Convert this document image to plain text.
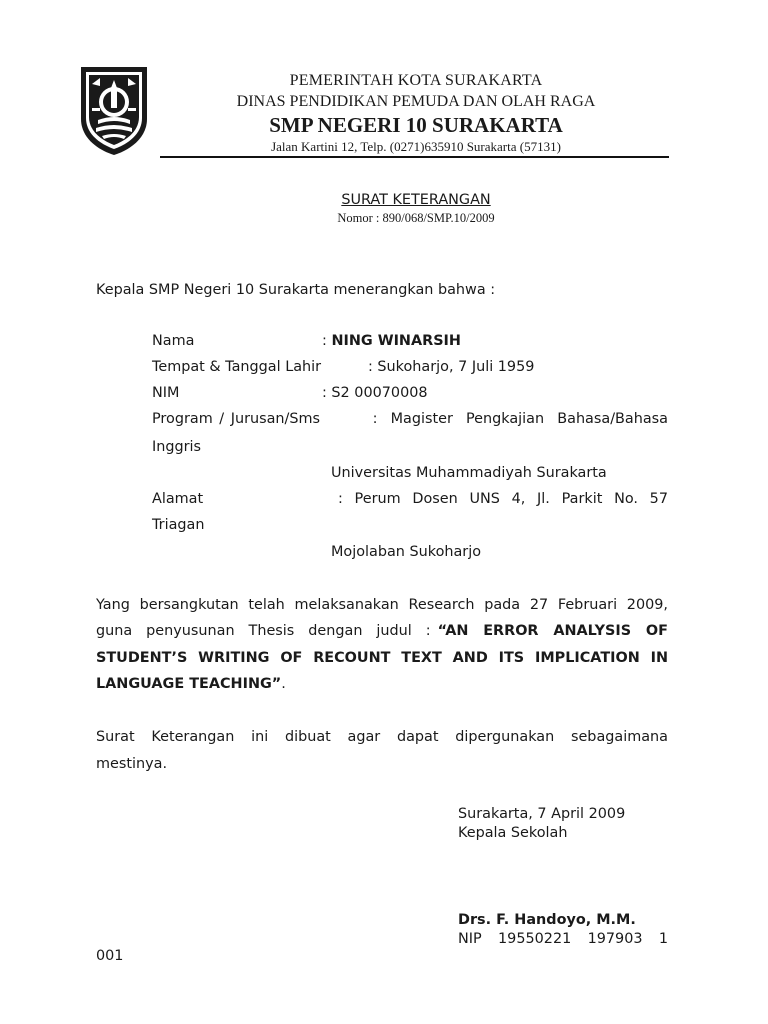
PEMERINTAH KOTA SURAKARTA
DINAS PENDIDIKAN PEMUDA DAN OLAH RAGA
SMP NEGERI 10 SURAKARTA
Jalan Kartini 12, Telp. (0271)635910 Surakarta (57131)
SURAT KETERANGAN
Nomor : 890/068/SMP.10/2009
Kepala SMP Negeri 10 Surakarta menerangkan bahwa :
Nama	: NING WINARSIH
Tempat & Tanggal Lahir	: Sukoharjo, 7 Juli 1959
NIM	: S2 00070008
Program / Jurusan/Sms        :  Magister  Pengkajian  Bahasa/Bahasa
Inggris
Universitas Muhammadiyah Surakarta
Alamat                       :  Perum  Dosen  UNS  4,  Jl.  Parkit  No.  57
Triagan
Mojolaban Sukoharjo
Yang bersangkutan telah melaksanakan Research pada 27 Februari 2009,
guna  penyusunan  Thesis  dengan  judul  : “AN  ERROR  ANALYSIS  OF
STUDENT’S  WRITING  OF  RECOUNT  TEXT  AND  ITS  IMPLICATION  IN
LANGUAGE TEACHING”.
Surat   Keterangan   ini   dibuat   agar   dapat   dipergunakan   sebagaimana
mestinya.
Surakarta, 7 April 2009
Kepala Sekolah
Drs. F. Handoyo, M.M.
NIP   19550221   197903   1
001
